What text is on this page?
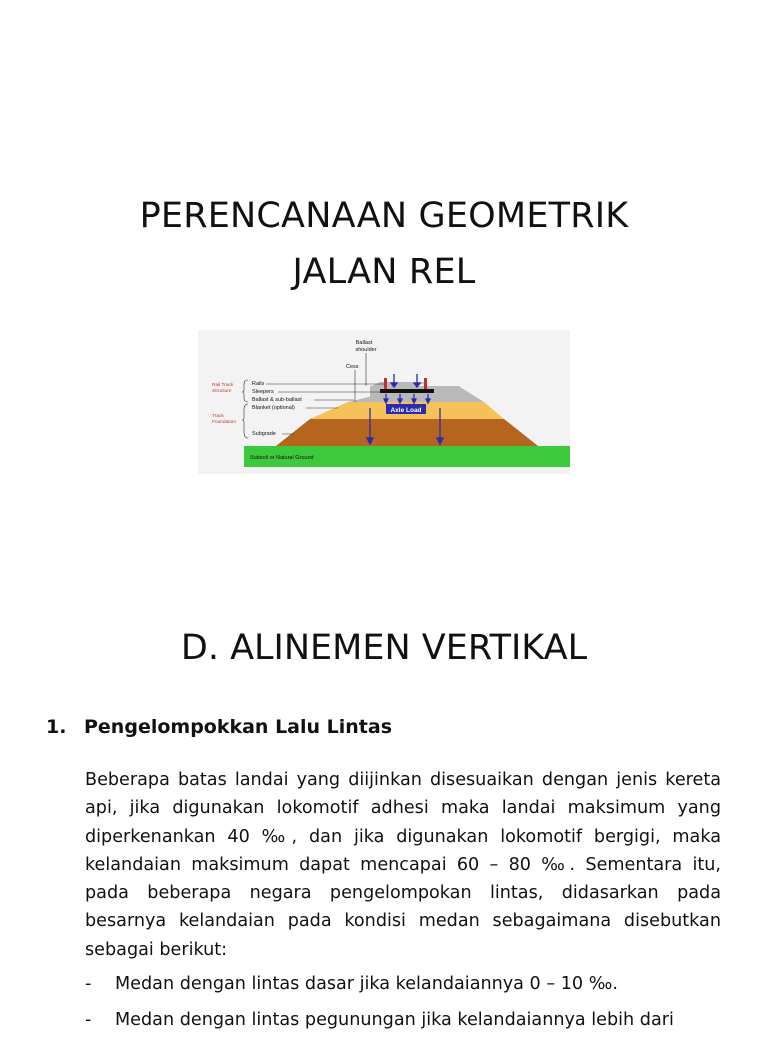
PERENCANAAN GEOMETRIK
JALAN REL
Axle Load
Ballast
shoulder
Cess
Rail Track
Structure
Track
Foundation
Rails
Sleepers
Ballast & sub-ballast
Blanket (optional)
Subgrade
Subsoil or Natural Ground
D. ALINEMEN VERTIKAL
1. Pengelompokkan Lalu Lintas
Beberapa batas landai yang diijinkan disesuaikan dengan jenis kereta api, jika digunakan lokomotif adhesi maka landai maksimum yang diperkenankan 40 ‰, dan jika digunakan lokomotif bergigi, maka kelandaian maksimum dapat mencapai 60 – 80 ‰. Sementara itu, pada beberapa negara pengelompokan lintas, didasarkan pada besarnya kelandaian pada kondisi medan sebagaimana disebutkan sebagai berikut:
-	Medan dengan lintas dasar jika kelandaiannya 0 – 10 ‰.
-	Medan dengan lintas pegunungan jika kelandaiannya lebih dari
